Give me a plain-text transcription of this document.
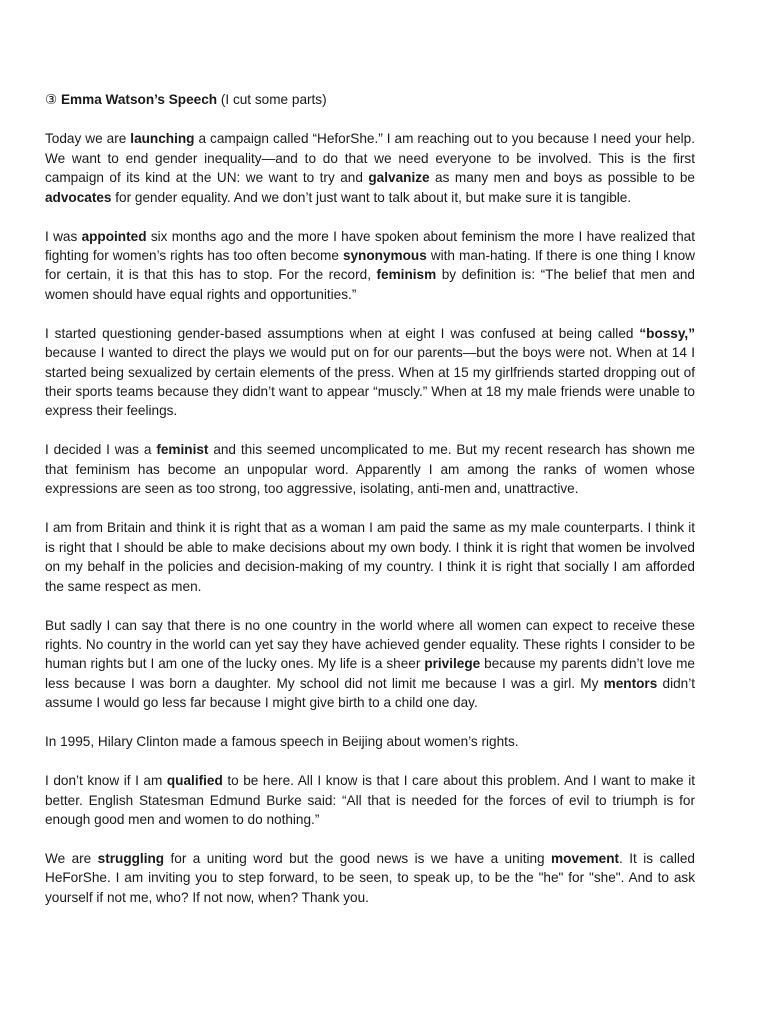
③ Emma Watson’s Speech (I cut some parts)
Today we are launching a campaign called “HeforShe.” I am reaching out to you because I need your help. We want to end gender inequality—and to do that we need everyone to be involved. This is the first campaign of its kind at the UN: we want to try and galvanize as many men and boys as possible to be advocates for gender equality. And we don’t just want to talk about it, but make sure it is tangible.
I was appointed six months ago and the more I have spoken about feminism the more I have realized that fighting for women’s rights has too often become synonymous with man-hating. If there is one thing I know for certain, it is that this has to stop. For the record, feminism by definition is: “The belief that men and women should have equal rights and opportunities.”
I started questioning gender-based assumptions when at eight I was confused at being called “bossy,” because I wanted to direct the plays we would put on for our parents—but the boys were not. When at 14 I started being sexualized by certain elements of the press. When at 15 my girlfriends started dropping out of their sports teams because they didn’t want to appear “muscly.” When at 18 my male friends were unable to express their feelings.
I decided I was a feminist and this seemed uncomplicated to me. But my recent research has shown me that feminism has become an unpopular word. Apparently I am among the ranks of women whose expressions are seen as too strong, too aggressive, isolating, anti-men and, unattractive.
I am from Britain and think it is right that as a woman I am paid the same as my male counterparts. I think it is right that I should be able to make decisions about my own body. I think it is right that women be involved on my behalf in the policies and decision-making of my country. I think it is right that socially I am afforded the same respect as men.
But sadly I can say that there is no one country in the world where all women can expect to receive these rights. No country in the world can yet say they have achieved gender equality. These rights I consider to be human rights but I am one of the lucky ones. My life is a sheer privilege because my parents didn’t love me less because I was born a daughter. My school did not limit me because I was a girl. My mentors didn’t assume I would go less far because I might give birth to a child one day.
In 1995, Hilary Clinton made a famous speech in Beijing about women’s rights.
I don’t know if I am qualified to be here. All I know is that I care about this problem. And I want to make it better. English Statesman Edmund Burke said: “All that is needed for the forces of evil to triumph is for enough good men and women to do nothing.”
We are struggling for a uniting word but the good news is we have a uniting movement. It is called HeForShe. I am inviting you to step forward, to be seen, to speak up, to be the "he" for "she". And to ask yourself if not me, who? If not now, when? Thank you.
